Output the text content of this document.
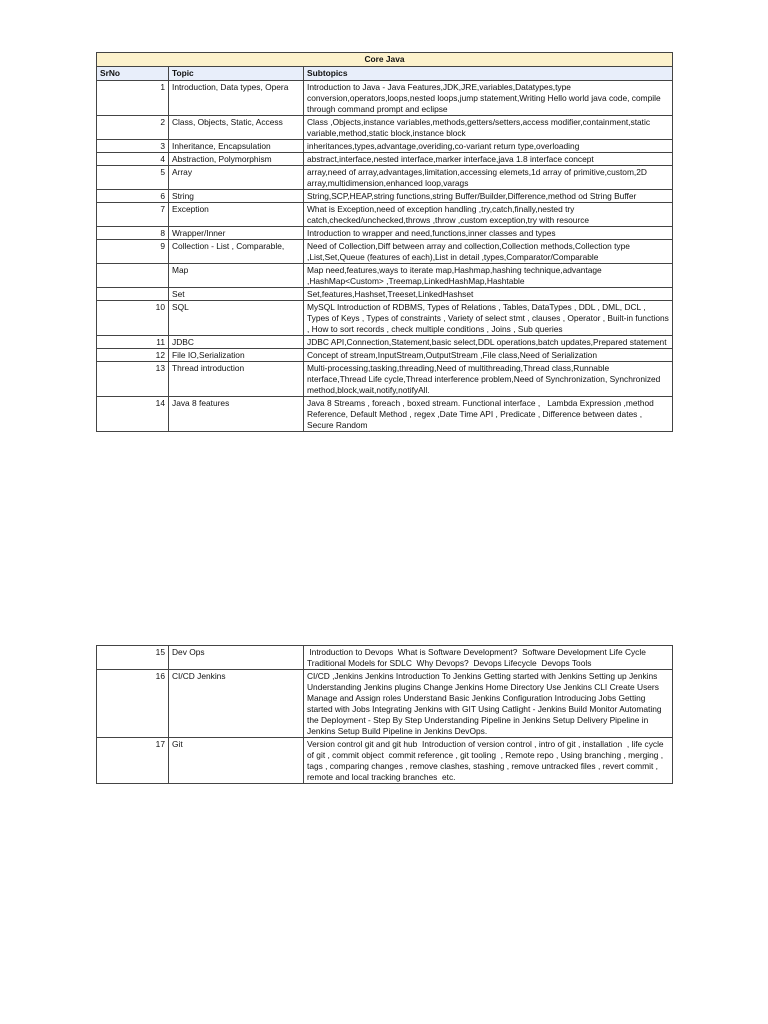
Core Java		
SrNo	Topic	Subtopics
1	Introduction, Data types, Opera	Introduction to Java - Java Features,JDK,JRE,variables,Datatypes,type conversion,operators,loops,nested loops,jump statement,Writing Hello world java code, compile through command prompt and eclipse
2	Class, Objects, Static, Access	Class ,Objects,instance variables,methods,getters/setters,access modifier,containment,static variable,method,static block,instance block
3	Inheritance, Encapsulation	inheritances,types,advantage,overiding,co-variant return type,overloading
4	Abstraction, Polymorphism	abstract,interface,nested interface,marker interface,java 1.8 interface concept
5	Array	array,need of array,advantages,limitation,accessing elemets,1d array of primitive,custom,2D array,multidimension,enhanced loop,varags
6	String	String,SCP,HEAP,string functions,string Buffer/Builder,Difference,method od String Buffer
7	Exception	What is Exception,need of exception handling ,try,catch,finally,nested try catch,checked/unchecked,throws ,throw ,custom exception,try with resource
8	Wrapper/Inner	Introduction to wrapper and need,functions,inner classes and types
9	Collection - List , Comparable,	Need of Collection,Diff between array and collection,Collection methods,Collection type ,List,Set,Queue (features of each),List in detail ,types,Comparator/Comparable
	Map	Map need,features,ways to iterate map,Hashmap,hashing technique,advantage ,HashMap<Custom> ,Treemap,LinkedHashMap,Hashtable
	Set	Set,features,Hashset,Treeset,LinkedHashset
10	SQL	MySQL Introduction of RDBMS, Types of Relations , Tables, DataTypes , DDL , DML, DCL , Types of Keys , Types of constraints , Variety of select stmt , clauses , Operator , Built-in functions , How to sort records , check multiple conditions , Joins , Sub queries
11	JDBC	JDBC API,Connection,Statement,basic select,DDL operations,batch updates,Prepared statement
12	File IO,Serialization	Concept of stream,InputStream,OutputStream ,File class,Need of Serialization
13	Thread introduction	Multi-processing,tasking,threading,Need of multithreading,Thread class,Runnable nterface,Thread Life cycle,Thread interference problem,Need of Synchronization, Synchronized method,block,wait,notify,notifyAll.
14	Java 8 features	Java 8 Streams , foreach , boxed stream. Functional interface ,   Lambda Expression ,method Reference, Default Method , regex ,Date Time API , Predicate , Difference between dates , Secure Random
15	Dev Ops	Introduction to Devops  What is Software Development?  Software Development Life Cycle  Traditional Models for SDLC  Why Devops?  Devops Lifecycle  Devops Tools
16	CI/CD Jenkins	CI/CD ,Jenkins Jenkins Introduction To Jenkins Getting started with Jenkins Setting up Jenkins Understanding Jenkins plugins Change Jenkins Home Directory Use Jenkins CLI Create Users Manage and Assign roles Understand Basic Jenkins Configuration Introducing Jobs Getting started with Jobs Integrating Jenkins with GIT Using Catlight - Jenkins Build Monitor Automating the Deployment - Step By Step Understanding Pipeline in Jenkins Setup Delivery Pipeline in Jenkins Setup Build Pipeline in Jenkins DevOps.
17	Git	Version control git and git hub  Introduction of version control , intro of git , installation  , life cycle of git , commit object  commit reference , git tooling  , Remote repo , Using branching , merging , tags , comparing changes , remove clashes, stashing , remove untracked files , revert commit , remote and local tracking branches  etc.
